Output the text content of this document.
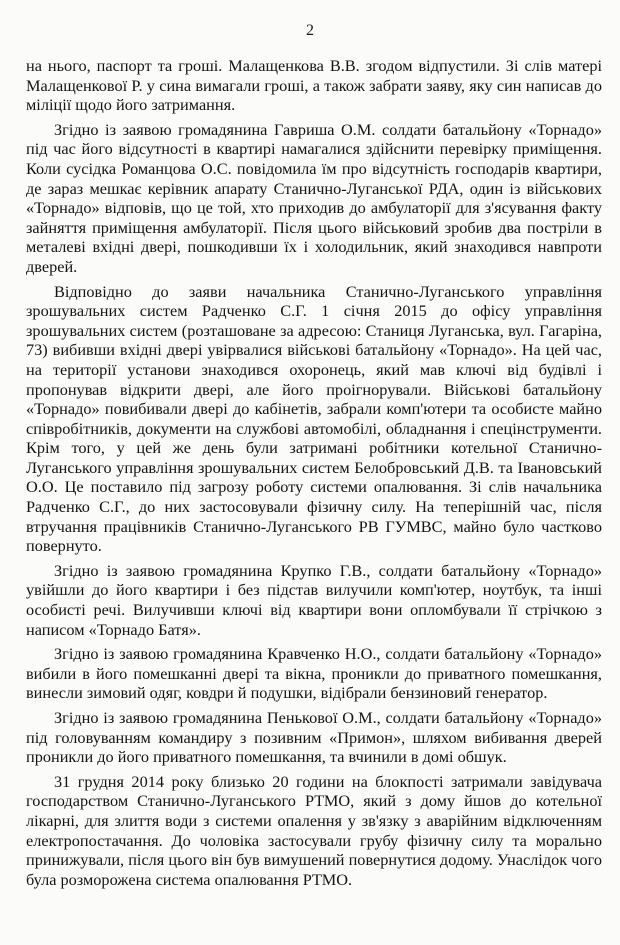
2

на нього, паспорт та гроші. Малащенкова В.В. згодом відпустили. Зі слів матері Малащенкової Р. у сина вимагали гроші, а також забрати заяву, яку син написав до міліції щодо його затримання.

Згідно із заявою громадянина Гавриша О.М. солдати батальйону «Торнадо» під час його відсутності в квартирі намагалися здійснити перевірку приміщення. Коли сусідка Романцова О.С. повідомила їм про відсутність господарів квартири, де зараз мешкає керівник апарату Станично-Луганської РДА, один із військових «Торнадо» відповів, що це той, хто приходив до амбулаторії для з'ясування факту зайняття приміщення амбулаторії. Після цього військовий зробив два постріли в металеві вхідні двері, пошкодивши їх і холодильник, який знаходився навпроти дверей.

Відповідно до заяви начальника Станично-Луганського управління зрошувальних систем Радченко С.Г. 1 січня 2015 до офісу управління зрошувальних систем (розташоване за адресою: Станиця Луганська, вул. Гагаріна, 73) вибивши вхідні двері увірвалися військові батальйону «Торнадо». На цей час, на території установи знаходився охоронець, який мав ключі від будівлі і пропонував відкрити двері, але його проігнорували. Військові батальйону «Торнадо» повибивали двері до кабінетів, забрали комп'ютери та особисте майно співробітників, документи на службові автомобілі, обладнання і спецінструменти. Крім того, у цей же день були затримані робітники котельної Станично-Луганського управління зрошувальних систем Белобровський Д.В. та Івановський О.О. Це поставило під загрозу роботу системи опалювання. Зі слів начальника Радченко С.Г., до них застосовували фізичну силу. На теперішній час, після втручання працівників Станично-Луганського РВ ГУМВС, майно було частково повернуто.

Згідно із заявою громадянина Крупко Г.В., солдати батальйону «Торнадо» увійшли до його квартири і без підстав вилучили комп'ютер, ноутбук, та інші особисті речі. Вилучивши ключі від квартири вони опломбували її стрічкою з написом «Торнадо Батя».

Згідно із заявою громадянина Кравченко Н.О., солдати батальйону «Торнадо» вибили в його помешканні двері та вікна, проникли до приватного помешкання, винесли зимовий одяг, ковдри й подушки, відібрали бензиновий генератор.

Згідно із заявою громадянина Пенькової О.М., солдати батальйону «Торнадо» під головуванням командиру з позивним «Примон», шляхом вибивання дверей проникли до його приватного помешкання, та вчинили в домі обшук.

31 грудня 2014 року близько 20 години на блокпості затримали завідувача господарством Станично-Луганського РТМО, який з дому йшов до котельної лікарні, для злиття води з системи опалення у зв'язку з аварійним відключенням електропостачання. До чоловіка застосували грубу фізичну силу та морально принижували, після цього він був вимушений повернутися додому. Унаслідок чого була розморожена система опалювання РТМО.
